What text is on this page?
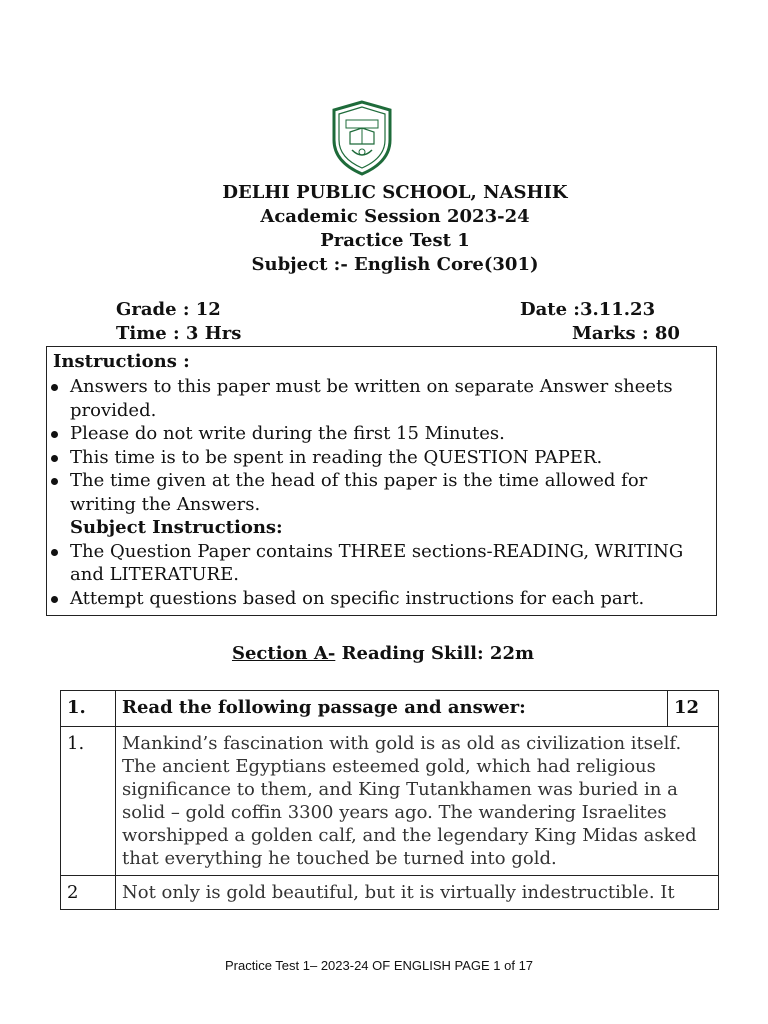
DELHI PUBLIC SCHOOL, NASHIK
Academic Session 2023-24
Practice Test 1
Subject :- English Core(301)
Grade : 12	Date :3.11.23
Time : 3 Hrs	Marks : 80
Instructions :
Answers to this paper must be written on separate Answer sheets provided.
Please do not write during the first 15 Minutes.
This time is to be spent in reading the QUESTION PAPER.
The time given at the head of this paper is the time allowed for writing the Answers.
Subject Instructions:
The Question Paper contains THREE sections-READING, WRITING and LITERATURE.
Attempt questions based on specific instructions for each part.
Section A- Reading Skill: 22m
1.	Read the following passage and answer:	12
1.	Mankind’s fascination with gold is as old as civilization itself. The ancient Egyptians esteemed gold, which had religious significance to them, and King Tutankhamen was buried in a solid – gold coffin 3300 years ago. The wandering Israelites worshipped a golden calf, and the legendary King Midas asked that everything he touched be turned into gold.	
2	Not only is gold beautiful, but it is virtually indestructible. It	
Practice Test 1– 2023-24 OF ENGLISH PAGE 1 of 17
